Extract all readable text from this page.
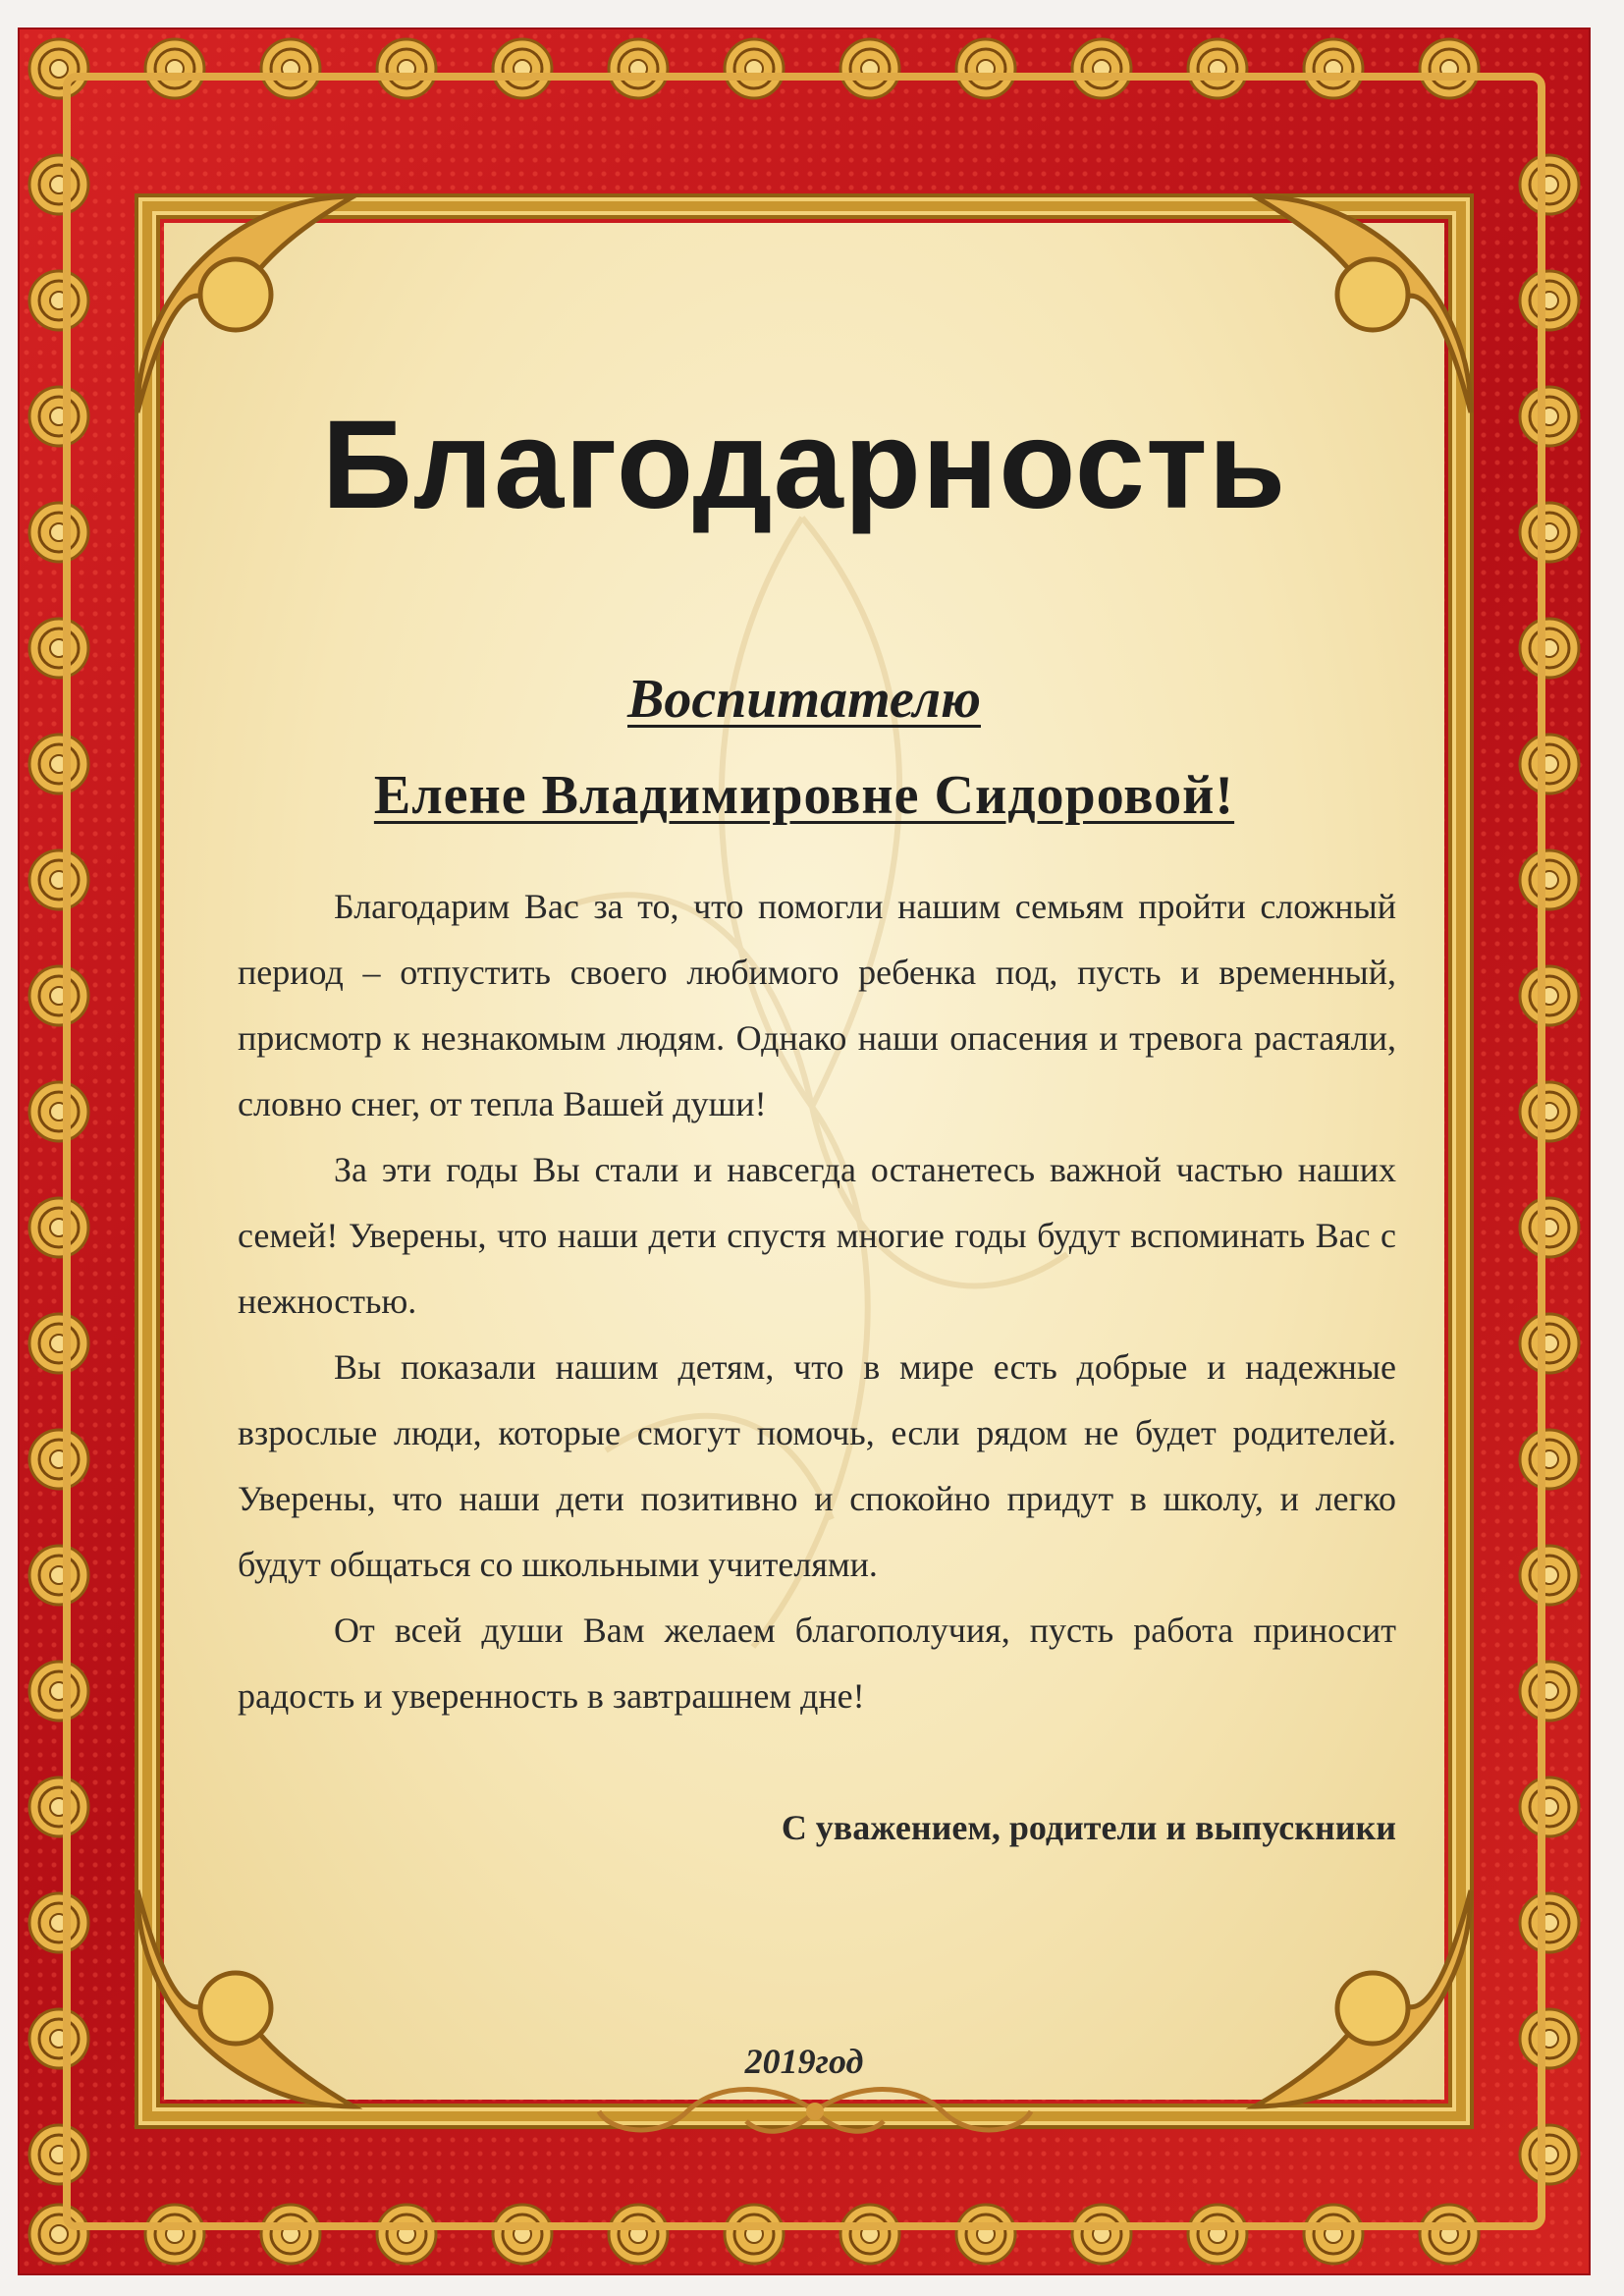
Благодарность
Воспитателю
Елене Владимировне Сидоровой!

Благодарим Вас за то, что помогли нашим семьям пройти сложный период – отпустить своего любимого ребенка под, пусть и временный, присмотр к незнакомым людям. Однако наши опасения и тревога растаяли, словно снег, от тепла Вашей души!

За эти годы Вы стали и навсегда останетесь важной частью наших семей! Уверены, что наши дети спустя многие годы будут вспоминать Вас с нежностью.

Вы показали нашим детям, что в мире есть добрые и надежные взрослые люди, которые смогут помочь, если рядом не будет родителей. Уверены, что наши дети позитивно и спокойно придут в школу, и легко будут общаться со школьными учителями.

От всей души Вам желаем благополучия, пусть работа приносит радость и уверенность в завтрашнем дне!

С уважением, родители и выпускники
2019год
